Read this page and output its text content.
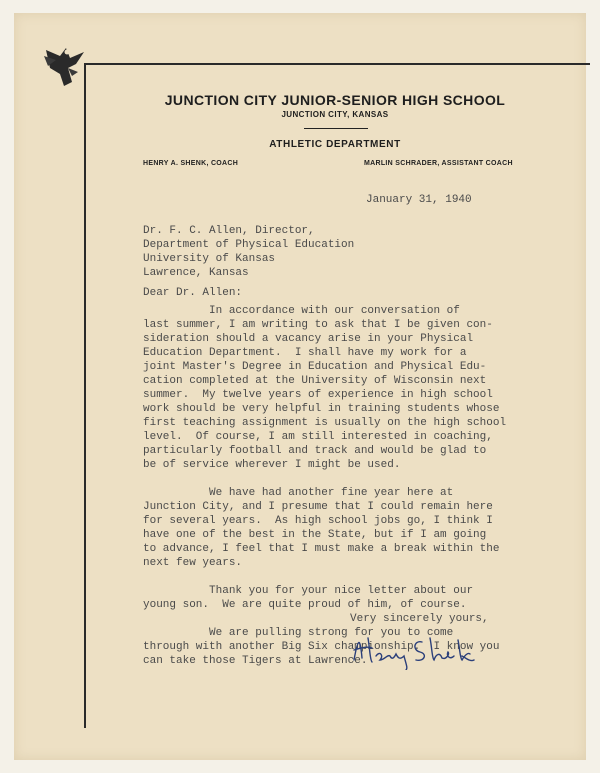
JUNCTION CITY JUNIOR-SENIOR HIGH SCHOOL
JUNCTION CITY, KANSAS
ATHLETIC DEPARTMENT
HENRY A. SHENK, COACH	MARLIN SCHRADER, ASSISTANT COACH
January 31, 1940
Dr. F. C. Allen, Director,
Department of Physical Education
University of Kansas
Lawrence, Kansas
Dear Dr. Allen:
In accordance with our conversation of
last summer, I am writing to ask that I be given con-
sideration should a vacancy arise in your Physical
Education Department.  I shall have my work for a
joint Master's Degree in Education and Physical Edu-
cation completed at the University of Wisconsin next
summer.  My twelve years of experience in high school
work should be very helpful in training students whose
first teaching assignment is usually on the high school
level.  Of course, I am still interested in coaching,
particularly football and track and would be glad to
be of service wherever I might be used.

We have had another fine year here at
Junction City, and I presume that I could remain here
for several years.  As high school jobs go, I think I
have one of the best in the State, but if I am going
to advance, I feel that I must make a break within the
next few years.

Thank you for your nice letter about our
young son.  We are quite proud of him, of course.

We are pulling strong for you to come
through with another Big Six championship.  I know you
can take those Tigers at Lawrence.
Very sincerely yours,
